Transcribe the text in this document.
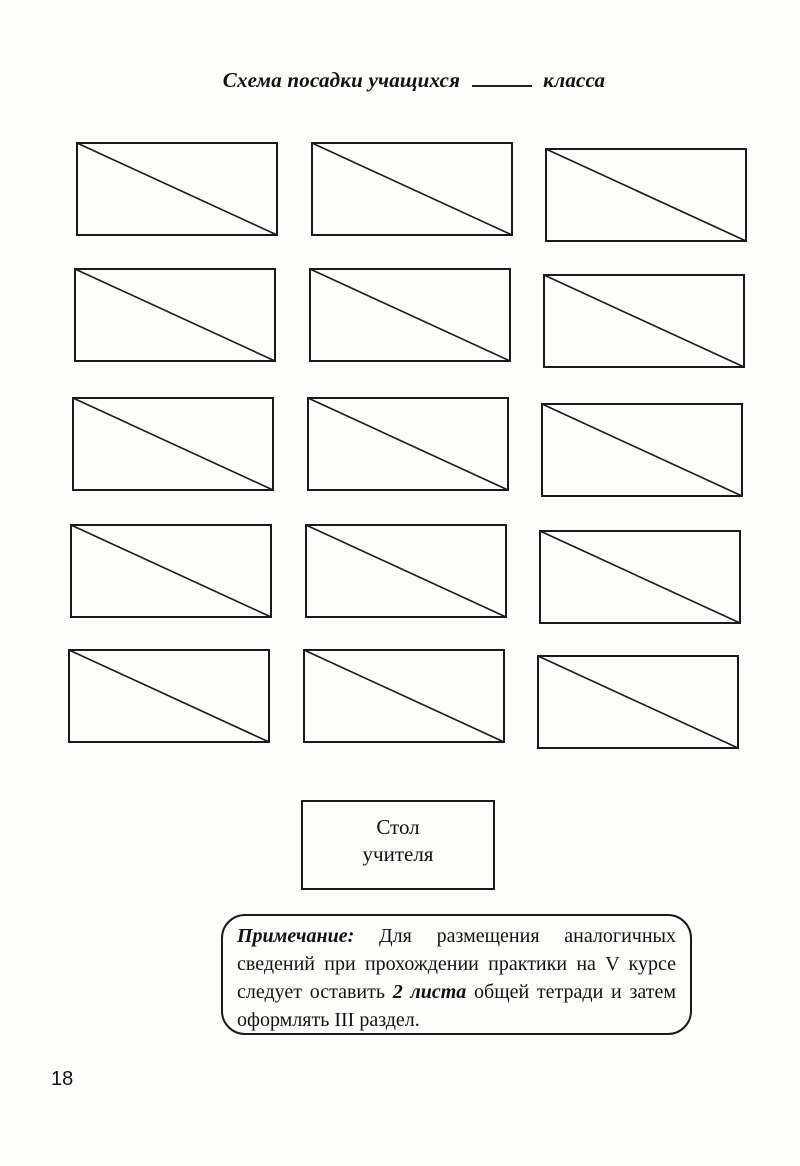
Схема посадки учащихся	класса
Стол
учителя

Примечание: Для размещения аналогичных сведений при прохождении практики на V курсе следует оставить 2 листа общей тетради и затем оформлять III раздел.

18
